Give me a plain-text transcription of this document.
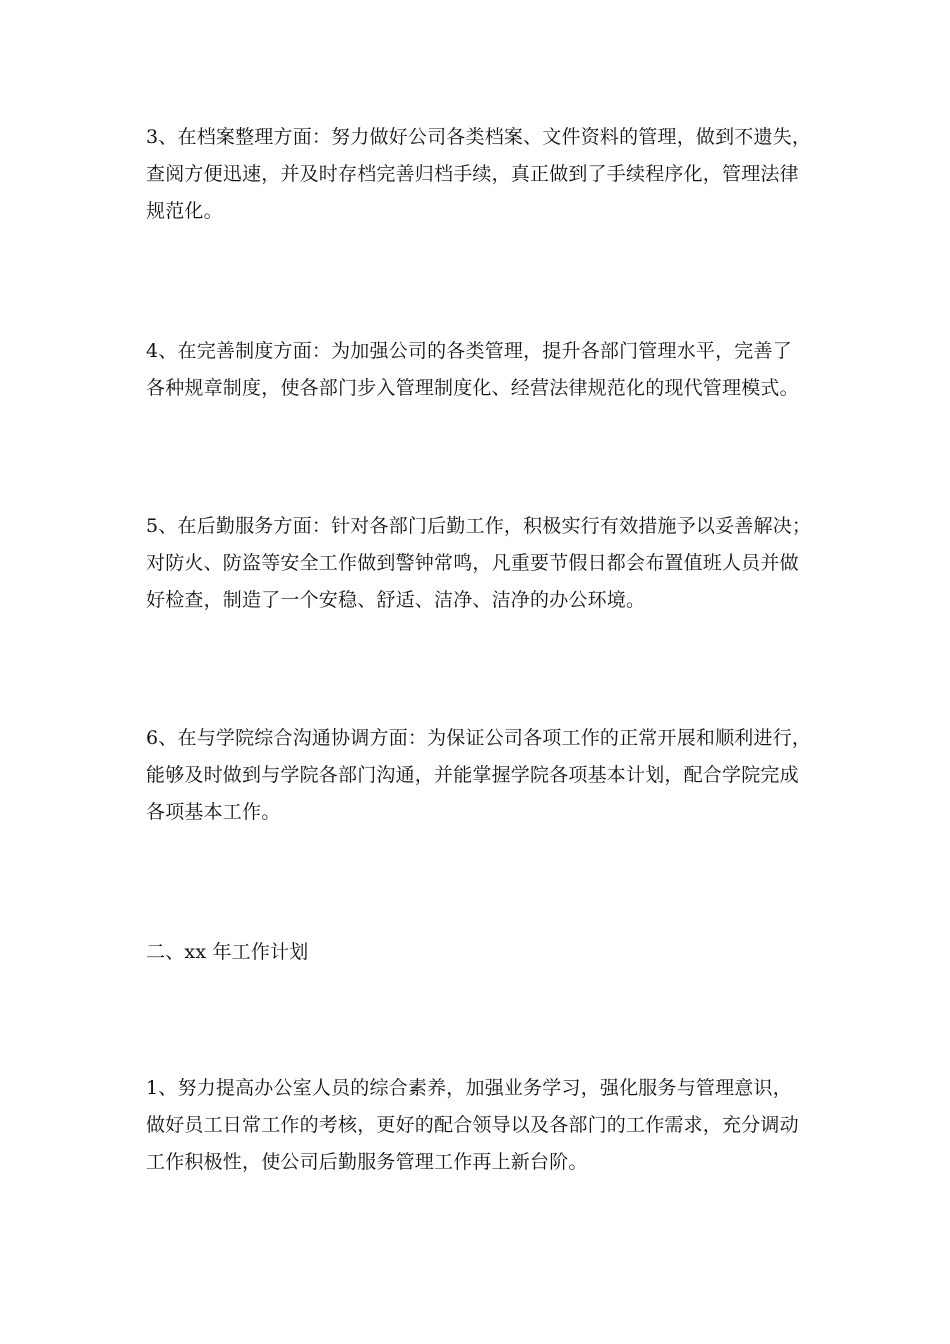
3、在档案整理方面：努力做好公司各类档案、文件资料的管理，做到不遗失，
查阅方便迅速，并及时存档完善归档手续，真正做到了手续程序化，管理法律
规范化。

4、在完善制度方面：为加强公司的各类管理，提升各部门管理水平，完善了
各种规章制度，使各部门步入管理制度化、经营法律规范化的现代管理模式。

5、在后勤服务方面：针对各部门后勤工作，积极实行有效措施予以妥善解决；
对防火、防盗等安全工作做到警钟常鸣，凡重要节假日都会布置值班人员并做
好检查，制造了一个安稳、舒适、洁净、洁净的办公环境。

6、在与学院综合沟通协调方面：为保证公司各项工作的正常开展和顺利进行，
能够及时做到与学院各部门沟通，并能掌握学院各项基本计划，配合学院完成
各项基本工作。

二、xx 年工作计划

1、努力提高办公室人员的综合素养，加强业务学习，强化服务与管理意识，
做好员工日常工作的考核，更好的配合领导以及各部门的工作需求，充分调动
工作积极性，使公司后勤服务管理工作再上新台阶。
